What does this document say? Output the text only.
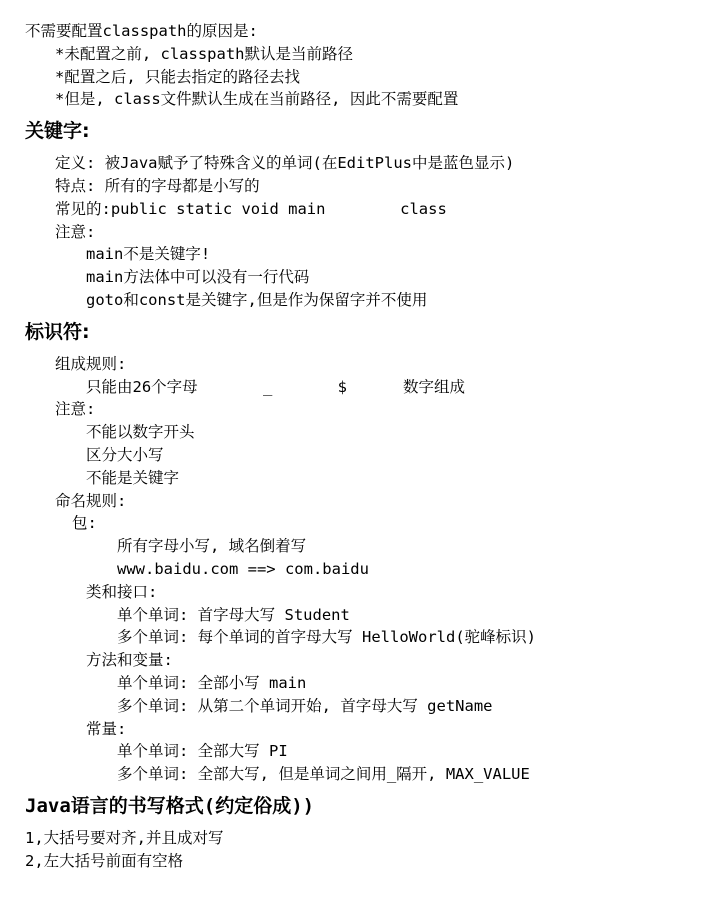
不需要配置classpath的原因是:
*未配置之前, classpath默认是当前路径
*配置之后, 只能去指定的路径去找
*但是, class文件默认生成在当前路径, 因此不需要配置
关键字:
定义: 被Java赋予了特殊含义的单词(在EditPlus中是蓝色显示)
特点: 所有的字母都是小写的
常见的:public static void main        class
注意:
main不是关键字!
main方法体中可以没有一行代码
goto和const是关键字,但是作为保留字并不使用
标识符:
组成规则:
只能由26个字母       _       $      数字组成
注意:
不能以数字开头
区分大小写
不能是关键字
命名规则:
包:
所有字母小写, 域名倒着写
www.baidu.com ==> com.baidu
类和接口:
单个单词: 首字母大写 Student
多个单词: 每个单词的首字母大写 HelloWorld(驼峰标识)
方法和变量:
单个单词: 全部小写 main
多个单词: 从第二个单词开始, 首字母大写 getName
常量:
单个单词: 全部大写 PI
多个单词: 全部大写, 但是单词之间用_隔开, MAX_VALUE
Java语言的书写格式(约定俗成))
1,大括号要对齐,并且成对写
2,左大括号前面有空格
